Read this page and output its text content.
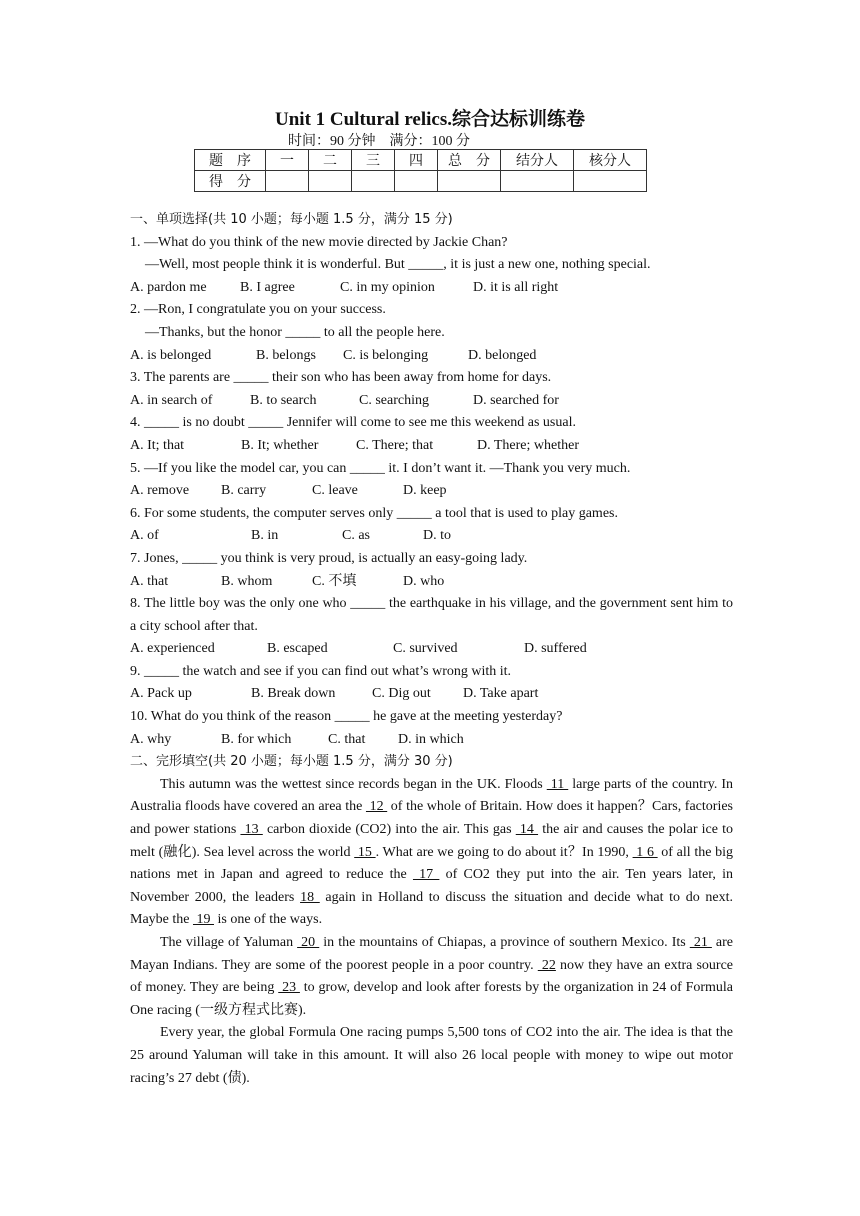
Unit 1 Cultural relics.综合达标训练卷
时间：90 分钟　满分：100 分
题　序	一	二	三	四	总　分	结分人	核分人
得　分							
一、单项选择(共 10 小题；每小题 1.5 分，满分 15 分)
1. —What do you think of the new movie directed by Jackie Chan?
—Well, most people think it is wonderful. But _____, it is just a new one, nothing special.
A. pardon me	B. I agree	C. in my opinion	D. it is all right
2. —Ron, I congratulate you on your success.
—Thanks, but the honor _____ to all the people here.
A. is belonged	B. belongs	C. is belonging	D. belonged
3. The parents are _____ their son who has been away from home for days.
A. in search of	B. to search	C. searching	D. searched for
4. _____ is no doubt _____ Jennifer will come to see me this weekend as usual.
A. It; that	B. It; whether	C. There; that	D. There; whether
5. —If you like the model car, you can _____ it. I don’t want it. —Thank you very much.
A. remove	B. carry	C. leave	D. keep
6. For some students, the computer serves only _____ a tool that is used to play games.
A. of	B. in	C. as	D. to
7. Jones, _____ you think is very proud, is actually an easy-going lady.
A. that	B. whom	C. 不填	D. who
8. The little boy was the only one who _____ the earthquake in his village, and the government sent him to a city school after that.
A. experienced	B. escaped	C. survived	D. suffered
9. _____ the watch and see if you can find out what’s wrong with it.
A. Pack up	B. Break down	C. Dig out	D. Take apart
10. What do you think of the reason _____ he gave at the meeting yesterday?
A. why	B. for which	C. that	D. in which
二、完形填空(共 20 小题；每小题 1.5 分，满分 30 分)
This autumn was the wettest since records began in the UK. Floods  11  large parts of the country. In Australia floods have covered an area the  12  of the whole of Britain. How does it happen？Cars, factories and power stations  13  carbon dioxide (CO2) into the air. This gas  14  the air and causes the polar ice to melt (融化). Sea level across the world  15 . What are we going to do about it？In 1990,  1 6  of all the big nations met in Japan and agreed to reduce the  17  of CO2 they put into the air. Ten years later, in November 2000, the leaders 18  again in Holland to discuss the situation and decide what to do next. Maybe the  19  is one of the ways.
The village of Yaluman  20  in the mountains of Chiapas, a province of southern Mexico. Its  21  are Mayan Indians. They are some of the poorest people in a poor country.  22 now they have an extra source of money. They are being  23  to grow, develop and look after forests by the organization in 24 of Formula One racing (一级方程式比赛).
Every year, the global Formula One racing pumps 5,500 tons of CO2 into the air. The idea is that the 25 around Yaluman will take in this amount. It will also 26 local people with money to wipe out motor racing’s 27 debt (债).
